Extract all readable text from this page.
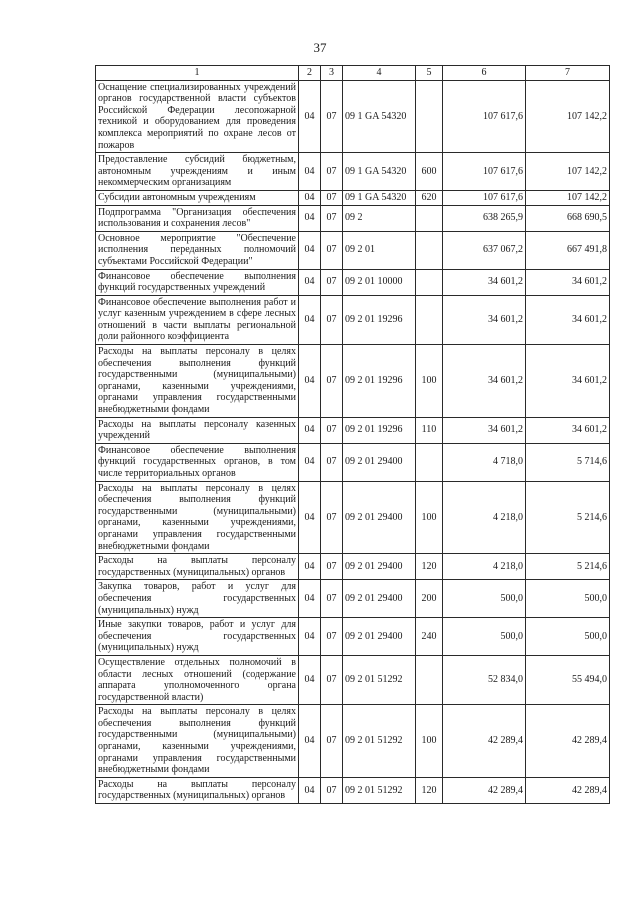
37
1	2	3	4	5	6	7
Оснащение специализированных учреждений органов государственной власти субъектов Российской Федерации лесопожарной техникой и оборудованием для проведения комплекса мероприятий по охране лесов от пожаров	04	07	09 1 GA 54320		107 617,6	107 142,2
Предоставление субсидий бюджетным, автономным учреждениям и иным некоммерческим организациям	04	07	09 1 GA 54320	600	107 617,6	107 142,2
Субсидии автономным учреждениям	04	07	09 1 GA 54320	620	107 617,6	107 142,2
Подпрограмма "Организация обеспечения использования и сохранения лесов"	04	07	09 2		638 265,9	668 690,5
Основное мероприятие "Обеспечение исполнения переданных полномочий субъектами Российской Федерации"	04	07	09 2 01		637 067,2	667 491,8
Финансовое обеспечение выполнения функций государственных учреждений	04	07	09 2 01 10000		34 601,2	34 601,2
Финансовое обеспечение выполнения работ и услуг казенным учреждением в сфере лесных отношений в части выплаты региональной доли районного коэффициента	04	07	09 2 01 19296		34 601,2	34 601,2
Расходы на выплаты персоналу в целях обеспечения выполнения функций государственными (муниципальными) органами, казенными учреждениями, органами управления государственными внебюджетными фондами	04	07	09 2 01 19296	100	34 601,2	34 601,2
Расходы на выплаты персоналу казенных учреждений	04	07	09 2 01 19296	110	34 601,2	34 601,2
Финансовое обеспечение выполнения функций государственных органов, в том числе территориальных органов	04	07	09 2 01 29400		4 718,0	5 714,6
Расходы на выплаты персоналу в целях обеспечения выполнения функций государственными (муниципальными) органами, казенными учреждениями, органами управления государственными внебюджетными фондами	04	07	09 2 01 29400	100	4 218,0	5 214,6
Расходы на выплаты персоналу государственных (муниципальных) органов	04	07	09 2 01 29400	120	4 218,0	5 214,6
Закупка товаров, работ и услуг для обеспечения государственных (муниципальных) нужд	04	07	09 2 01 29400	200	500,0	500,0
Иные закупки товаров, работ и услуг для обеспечения государственных (муниципальных) нужд	04	07	09 2 01 29400	240	500,0	500,0
Осуществление отдельных полномочий в области лесных отношений (содержание аппарата уполномоченного органа государственной власти)	04	07	09 2 01 51292		52 834,0	55 494,0
Расходы на выплаты персоналу в целях обеспечения выполнения функций государственными (муниципальными) органами, казенными учреждениями, органами управления государственными внебюджетными фондами	04	07	09 2 01 51292	100	42 289,4	42 289,4
Расходы на выплаты персоналу государственных (муниципальных) органов	04	07	09 2 01 51292	120	42 289,4	42 289,4
